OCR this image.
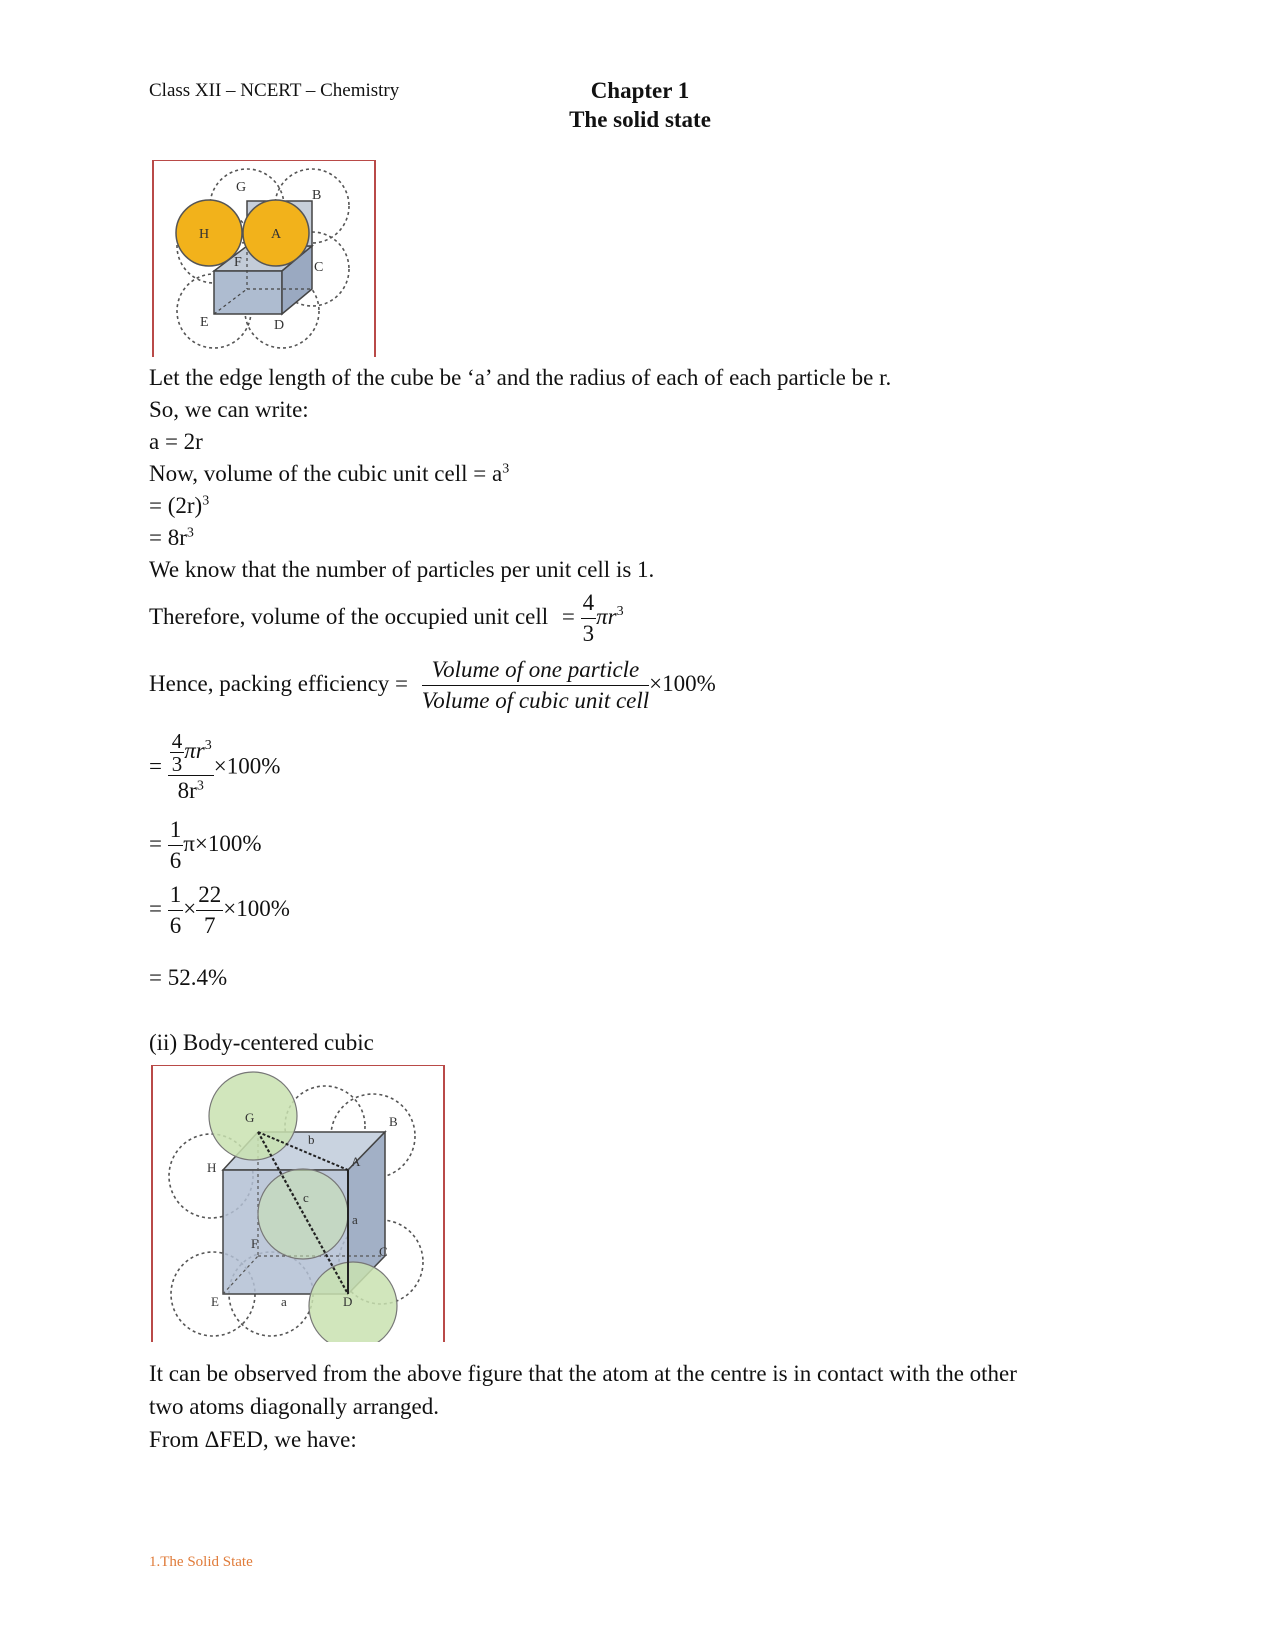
Class XII – NCERT – Chemistry	Chapter 1
The solid state
G
B
H	A
F	C
E	D
Let the edge length of the cube be ‘a’ and the radius of each of each particle be r.
So, we can write:
a = 2r
Now, volume of the cubic unit cell = $a^3$
= $(2r)^3$
= $8r^3$
We know that the number of particles per unit cell is 1.
Therefore, volume of the occupied unit cell = $\frac{4}{3} \pi r^3$
Hence, packing efficiency = $\frac{\text{Volume of one particle}}{\text{Volume of cubic unit cell}} \times 100\%$
= $\frac{\frac{4}{3} \pi r^3}{8r^3} \times 100\%$
= $\frac{1}{6} \pi\times 100\%$
= $\frac{1}{6} \times \frac{22}{7} \times 100\%$
= 52.4%
(ii) Body-centered cubic
G	B
H	A
b
c
a
F
C
E	D
a
It can be observed from the above figure that the atom at the centre is in contact with the other
two atoms diagonally arranged.
From ΔFED, we have:
1.The Solid State
